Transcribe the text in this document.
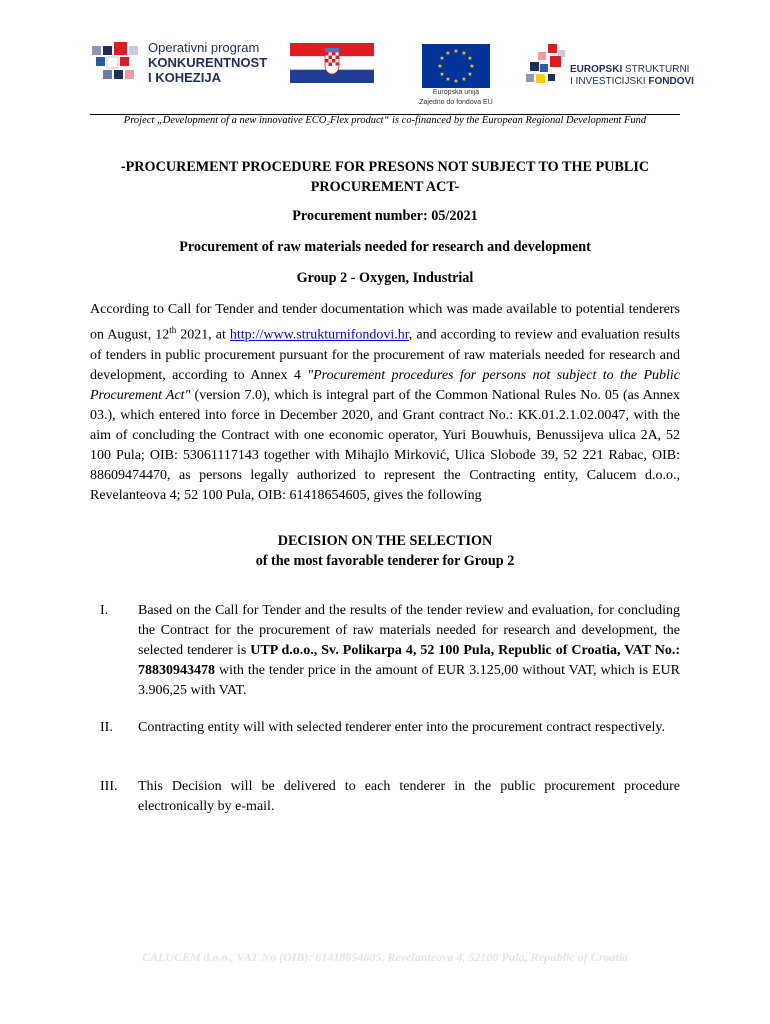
Operativni program
KONKURENTNOST
I KOHEZIJA
★ ★
★
★
★
★
★
★
★
★
★
★
Europska unija
Zajedno do fondova EU
EUROPSKI STRUKTURNI
I INVESTICIJSKI FONDOVI
Project „Development of a new innovative ECO₂Flex product“ is co-financed by the European Regional Development Fund
-PROCUREMENT PROCEDURE FOR PRESONS NOT SUBJECT TO THE PUBLIC
PROCUREMENT ACT-
Procurement number: 05/2021
Procurement of raw materials needed for research and development
Group 2 - Oxygen, Industrial
According to Call for Tender and tender documentation which was made available to potential tenderers on August, 12th 2021, at http://www.strukturnifondovi.hr, and according to review and evaluation results of tenders in public procurement pursuant for the procurement of raw materials needed for research and development, according to Annex 4 "Procurement procedures for persons not subject to the Public Procurement Act" (version 7.0), which is integral part of the Common National Rules No. 05 (as Annex 03.), which entered into force in December 2020, and Grant contract No.: KK.01.2.1.02.0047, with the aim of concluding the Contract with one economic operator, Yuri Bouwhuis, Benussijeva ulica 2A, 52 100 Pula; OIB: 53061117143 together with Mihajlo Mirković, Ulica Slobode 39, 52 221 Rabac, OIB: 88609474470, as persons legally authorized to represent the Contracting entity, Calucem d.o.o., Revelanteova 4; 52 100 Pula, OIB: 61418654605, gives the following
DECISION ON THE SELECTION
of the most favorable tenderer for Group 2
I. Based on the Call for Tender and the results of the tender review and evaluation, for concluding the Contract for the procurement of raw materials needed for research and development, the selected tenderer is UTP d.o.o., Sv. Polikarpa 4, 52 100 Pula, Republic of Croatia, VAT No.: 78830943478 with the tender price in the amount of EUR 3.125,00 without VAT, which is EUR 3.906,25 with VAT.
II. Contracting entity will with selected tenderer enter into the procurement contract respectively.
III. This Decision will be delivered to each tenderer in the public procurement procedure electronically by e-mail.
CALUCEM d.o.o., VAT No (OIB): 61418654605, Revelanteova 4, 52100 Pula, Republic of Croatia
